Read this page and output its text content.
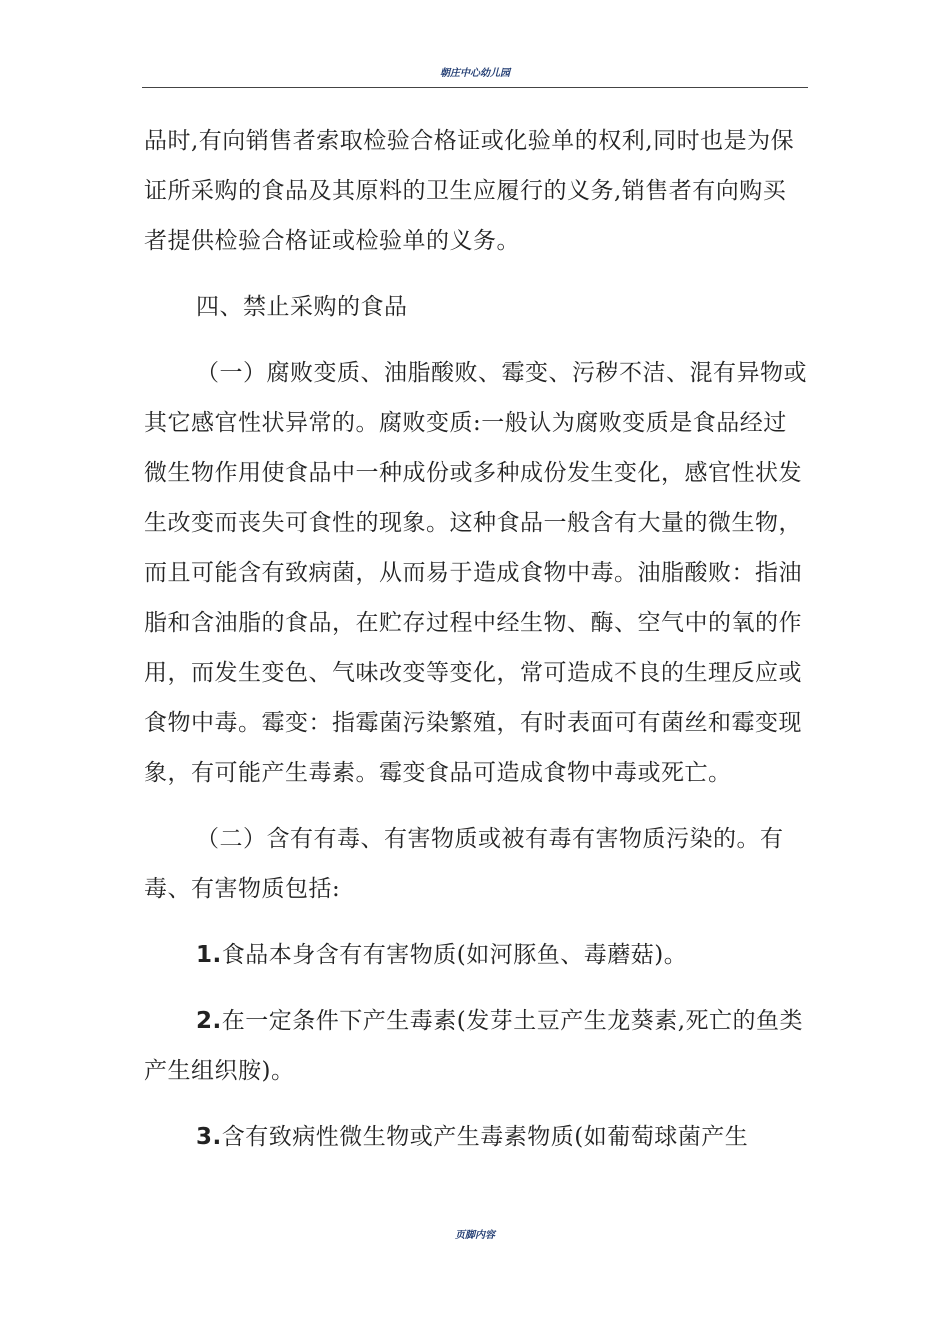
朝庄中心幼儿园

品时,有向销售者索取检验合格证或化验单的权利,同时也是为保证所采购的食品及其原料的卫生应履行的义务,销售者有向购买者提供检验合格证或检验单的义务。

四、禁止采购的食品

（一）腐败变质、油脂酸败、霉变、污秽不洁、混有异物或其它感官性状异常的。腐败变质:一般认为腐败变质是食品经过微生物作用使食品中一种成份或多种成份发生变化，感官性状发生改变而丧失可食性的现象。这种食品一般含有大量的微生物，而且可能含有致病菌，从而易于造成食物中毒。油脂酸败：指油脂和含油脂的食品，在贮存过程中经生物、酶、空气中的氧的作用，而发生变色、气味改变等变化，常可造成不良的生理反应或食物中毒。霉变：指霉菌污染繁殖，有时表面可有菌丝和霉变现象，有可能产生毒素。霉变食品可造成食物中毒或死亡。

（二）含有有毒、有害物质或被有毒有害物质污染的。有毒、有害物质包括:

1.食品本身含有有害物质(如河豚鱼、毒蘑菇)。

2.在一定条件下产生毒素(发芽土豆产生龙葵素,死亡的鱼类产生组织胺)。

3.含有致病性微生物或产生毒素物质(如葡萄球菌产生

页脚内容
